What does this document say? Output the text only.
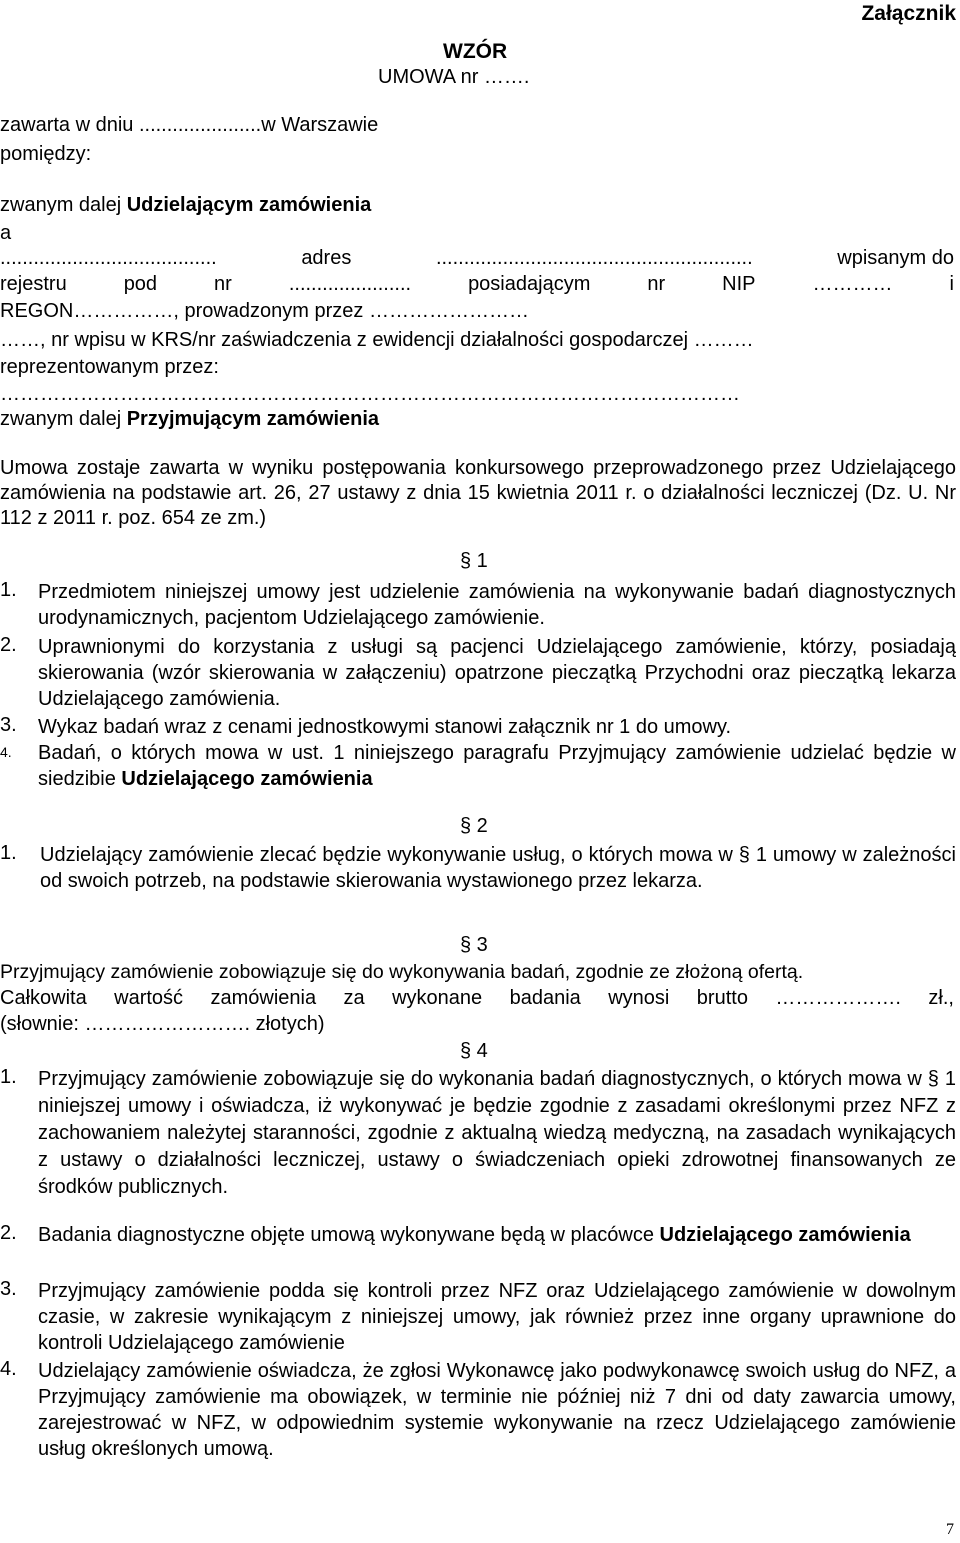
Załącznik
WZÓR
UMOWA nr …….
zawarta w dniu ......................w Warszawie
pomiędzy:
zwanym dalej Udzielającym zamówienia
a
.......................................	adres	.........................................................	wpisanym do
rejestru	pod	nr	......................	posiadającym	nr	NIP	…………	i
REGON……………, prowadzonym przez ……………………
……, nr wpisu w KRS/nr zaświadczenia z ewidencji działalności gospodarczej ………
reprezentowanym przez:
…………………………………………………………………………………………………
zwanym dalej Przyjmującym zamówienia
Umowa zostaje zawarta w wyniku postępowania konkursowego przeprowadzonego przez Udzielającego zamówienia na podstawie art. 26, 27 ustawy z dnia 15 kwietnia 2011 r. o działalności leczniczej (Dz. U. Nr 112 z 2011 r. poz. 654 ze zm.)
§ 1
1. Przedmiotem niniejszej umowy jest udzielenie zamówienia na wykonywanie badań diagnostycznych urodynamicznych, pacjentom Udzielającego zamówienie.
2. Uprawnionymi do korzystania z usługi są pacjenci Udzielającego zamówienie, którzy, posiadają skierowania (wzór skierowania w załączeniu) opatrzone pieczątką Przychodni oraz pieczątką lekarza Udzielającego zamówienia.
3. Wykaz badań wraz z cenami jednostkowymi stanowi załącznik nr 1 do umowy.
4. Badań, o których mowa w ust. 1 niniejszego paragrafu Przyjmujący zamówienie udzielać będzie w siedzibie Udzielającego zamówienia
§ 2
1. Udzielający zamówienie zlecać będzie wykonywanie usług, o których mowa w § 1 umowy w zależności od swoich potrzeb, na podstawie skierowania wystawionego przez lekarza.
§ 3
Przyjmujący zamówienie zobowiązuje się do wykonywania badań, zgodnie ze złożoną ofertą.
Całkowita wartość zamówienia za wykonane badania wynosi brutto ………………. zł.,
(słownie: ……………………. złotych)
§ 4
1. Przyjmujący zamówienie zobowiązuje się do wykonania badań diagnostycznych, o których mowa w § 1 niniejszej umowy i oświadcza, iż wykonywać je będzie zgodnie z zasadami określonymi przez NFZ z zachowaniem należytej staranności, zgodnie z aktualną wiedzą medyczną, na zasadach wynikających z ustawy o działalności leczniczej, ustawy o świadczeniach opieki zdrowotnej finansowanych ze środków publicznych.
2. Badania diagnostyczne objęte umową wykonywane będą w placówce Udzielającego zamówienia
3. Przyjmujący zamówienie podda się kontroli przez NFZ oraz Udzielającego zamówienie w dowolnym czasie, w zakresie wynikającym z niniejszej umowy, jak również przez inne organy uprawnione do kontroli Udzielającego zamówienie
4. Udzielający zamówienie oświadcza, że zgłosi Wykonawcę jako podwykonawcę swoich usług do NFZ, a Przyjmujący zamówienie ma obowiązek, w terminie nie później niż 7 dni od daty zawarcia umowy, zarejestrować w NFZ, w odpowiednim systemie wykonywanie na rzecz Udzielającego zamówienie usług określonych umową.
7
